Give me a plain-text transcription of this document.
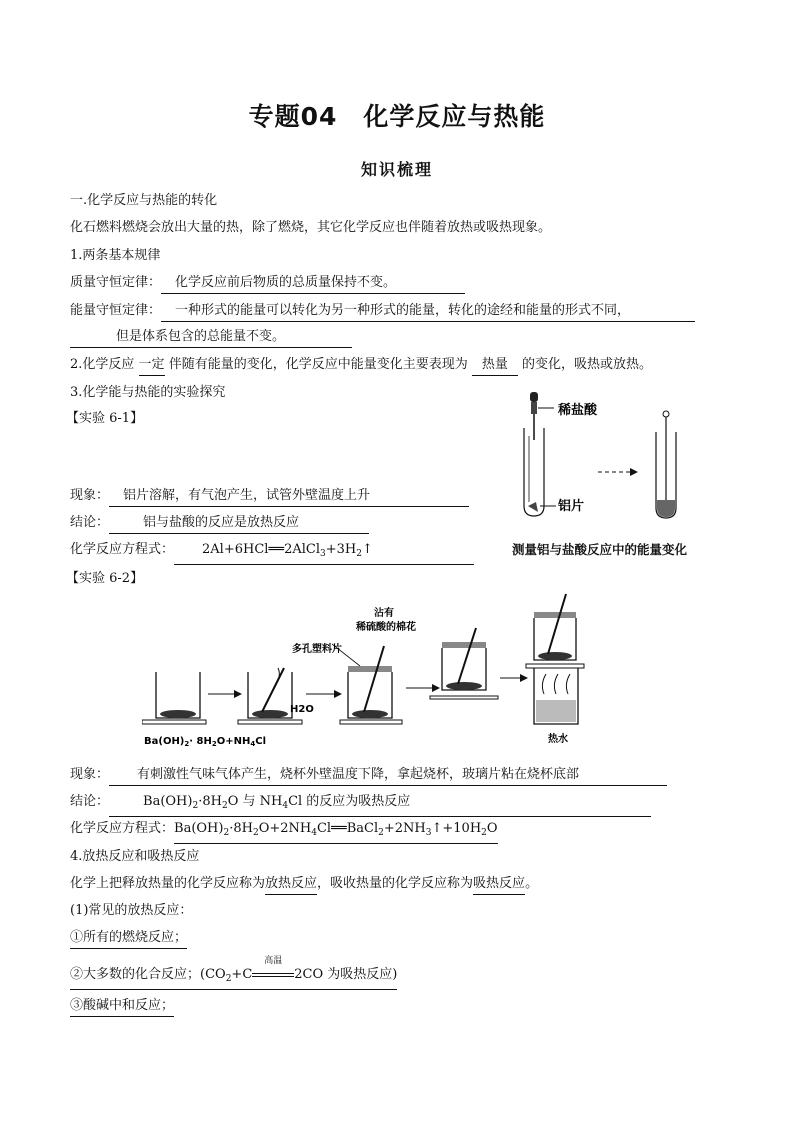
专题04　化学反应与热能
知识梳理
一.化学反应与热能的转化
化石燃料燃烧会放出大量的热，除了燃烧，其它化学反应也伴随着放热或吸热现象。
1.两条基本规律
质量守恒定律： 化学反应前后物质的总质量保持不变。
能量守恒定律： 一种形式的能量可以转化为另一种形式的能量，转化的途经和能量的形式不同，
但是体系包含的总能量不变。
2.化学反应 一定 伴随有能量的变化，化学反应中能量变化主要表现为 热量 的变化，吸热或放热。
3.化学能与热能的实验探究
【实验 6-1】
现象： 铝片溶解，有气泡产生，试管外壁温度上升
结论：	铝与盐酸的反应是放热反应
化学反应方程式： $2Al+6HCl══2AlCl_3+3H_2↑$
稀盐酸
铝片
测量铝与盐酸反应中的能量变化
【实验 6-2】
H2O
多孔塑料片
沾有
稀硫酸的棉花
热水
$Ba(OH)_2\cdot 8H_2O+NH_4Cl$
现象： 有刺激性气味气体产生，烧杯外壁温度下降，拿起烧杯，玻璃片粘在烧杯底部
结论：	$Ba(OH)_2\cdot 8H_2O$ 与 $NH_4Cl$ 的反应为吸热反应
化学反应方程式：$Ba(OH)_2\cdot 8H_2O+2NH_4Cl══BaCl_2+2NH_3↑+10H_2O$
4.放热反应和吸热反应
化学上把释放热量的化学反应称为放热反应，吸收热量的化学反应称为吸热反应。
(1)常见的放热反应：
①所有的燃烧反应；
②大多数的化合反应；($CO_2+C$
高温
2CO 为吸热反应)
③酸碱中和反应；
